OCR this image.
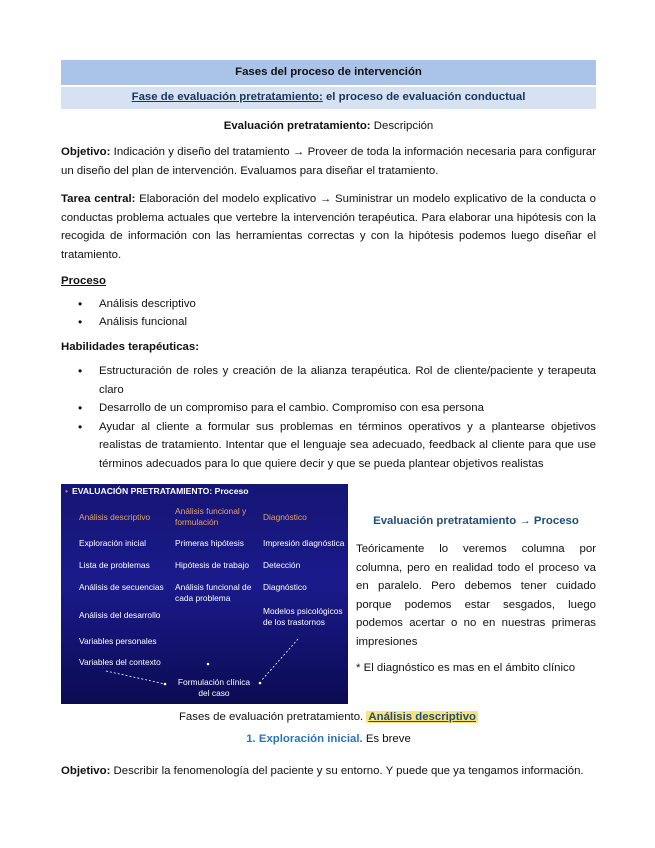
Fases del proceso de intervención
Fase de evaluación pretratamiento: el proceso de evaluación conductual

Evaluación pretratamiento: Descripción

Objetivo: Indicación y diseño del tratamiento → Proveer de toda la información necesaria para configurar un diseño del plan de intervención. Evaluamos para diseñar el tratamiento.

Tarea central: Elaboración del modelo explicativo → Suministrar un modelo explicativo de la conducta o conductas problema actuales que vertebre la intervención terapéutica. Para elaborar una hipótesis con la recogida de información con las herramientas correctas y con la hipótesis podemos luego diseñar el tratamiento.

Proceso

• Análisis descriptivo
• Análisis funcional

Habilidades terapéuticas:

• Estructuración de roles y creación de la alianza terapéutica. Rol de cliente/paciente y terapeuta claro
• Desarrollo de un compromiso para el cambio. Compromiso con esa persona
• Ayudar al cliente a formular sus problemas en términos operativos y a plantearse objetivos realistas de tratamiento. Intentar que el lenguaje sea adecuado, feedback al cliente para que use términos adecuados para lo que quiere decir y que se pueda plantear objetivos realistas
• EVALUACIÓN PRETRATAMIENTO: Proceso
Análisis descriptivo
Análisis funcional y formulación	Diagnóstico
Exploración inicial
Lista de problemas
Análisis de secuencias
Análisis del desarrollo
Variables personales
Variables del contexto
Primeras hipótesis
Hipótesis de trabajo
Análisis funcional de cada problema
Impresión diagnóstica
Detección
Diagnóstico
Modelos psicológicos de los trastornos
Formulación clínica del caso
Evaluación pretratamiento → Proceso

Teóricamente lo veremos columna por columna, pero en realidad todo el proceso va en paralelo. Pero debemos tener cuidado porque podemos estar sesgados, luego podemos acertar o no en nuestras primeras impresiones

* El diagnóstico es mas en el ámbito clínico

Fases de evaluación pretratamiento. Análisis descriptivo
1. Exploración inicial. Es breve

Objetivo: Describir la fenomenología del paciente y su entorno. Y puede que ya tengamos información.
